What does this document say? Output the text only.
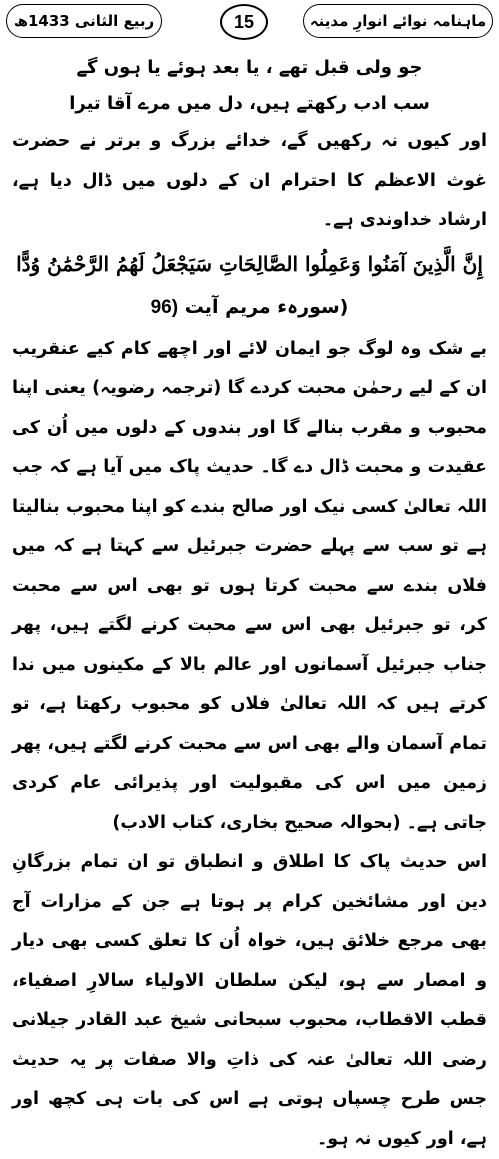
ماہنامہ نوائے انوارِ مدینہ
15
ربیع الثانی 1433ھ

جو ولی قبل تھے ، یا بعد ہوئے یا ہوں گے

سب ادب رکھتے ہیں، دل میں مرے آقا تیرا

اور کیوں نہ رکھیں گے، خدائے بزرگ و برتر نے حضرت غوث الاعظم کا احترام ان کے دلوں میں ڈال دیا ہے، ارشاد خداوندی ہے۔

إِنَّ الَّذِينَ آمَنُوا وَعَمِلُوا الصَّالِحَاتِ سَيَجْعَلُ لَهُمُ الرَّحْمَٰنُ وُدًّا

(سورہء مریم آیت (96

بے شک وہ لوگ جو ایمان لائے اور اچھے کام کیے عنقریب ان کے لیے رحمٰن محبت کردے گا (ترجمہ رضویہ) یعنی اپنا محبوب و مقرب بنالے گا اور بندوں کے دلوں میں اُن کی عقیدت و محبت ڈال دے گا۔ حدیث پاک میں آیا ہے کہ جب اللہ تعالیٰ کسی نیک اور صالح بندے کو اپنا محبوب بنالیتا ہے تو سب سے پہلے حضرت جبرئیل سے کہتا ہے کہ میں فلاں بندے سے محبت کرتا ہوں تو بھی اس سے محبت کر، تو جبرئیل بھی اس سے محبت کرنے لگتے ہیں، پھر جناب جبرئیل آسمانوں اور عالم بالا کے مکینوں میں ندا کرتے ہیں کہ اللہ تعالیٰ فلاں کو محبوب رکھتا ہے، تو تمام آسمان والے بھی اس سے محبت کرنے لگتے ہیں، پھر زمین میں اس کی مقبولیت اور پذیرائی عام کردی جاتی ہے۔ (بحوالہ صحیح بخاری، کتاب الادب)

اس حدیث پاک کا اطلاق و انطباق تو ان تمام بزرگانِ دین اور مشائخین کرام پر ہوتا ہے جن کے مزارات آج بھی مرجع خلائق ہیں، خواہ اُن کا تعلق کسی بھی دیار و امصار سے ہو، لیکن سلطان الاولیاء سالارِ اصفیاء، قطب الاقطاب، محبوب سبحانی شیخ عبد القادر جیلانی رضی اللہ تعالیٰ عنہ کی ذاتِ والا صفات پر یہ حدیث جس طرح چسپاں ہوتی ہے اس کی بات ہی کچھ اور ہے، اور کیوں نہ ہو۔
